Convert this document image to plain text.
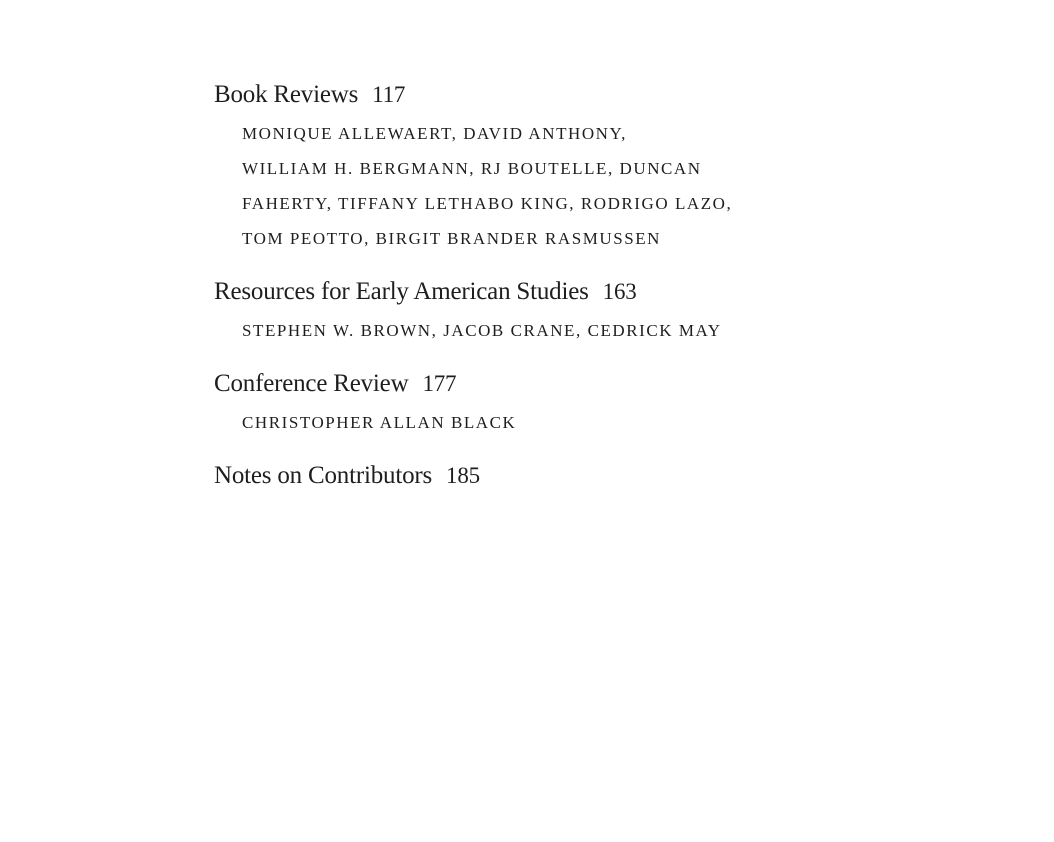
Book Reviews 117
MONIQUE ALLEWAERT, DAVID ANTHONY,
WILLIAM H. BERGMANN, RJ BOUTELLE, DUNCAN
FAHERTY, TIFFANY LETHABO KING, RODRIGO LAZO,
TOM PEOTTO, BIRGIT BRANDER RASMUSSEN
Resources for Early American Studies 163
STEPHEN W. BROWN, JACOB CRANE, CEDRICK MAY
Conference Review 177
CHRISTOPHER ALLAN BLACK
Notes on Contributors 185
